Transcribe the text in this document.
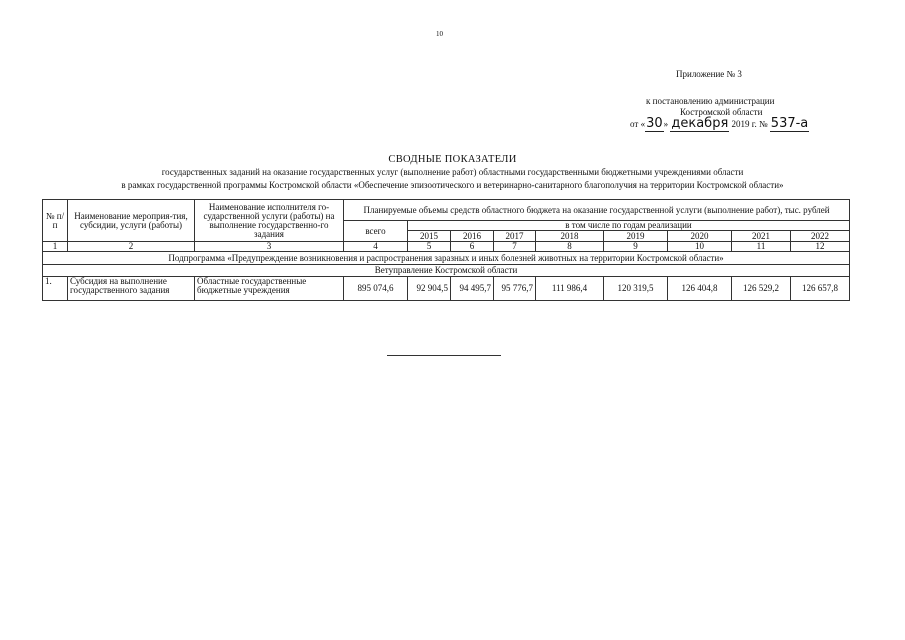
10
Приложение № 3
к постановлению администрации
Костромской области
от «30» декабря 2019 г. № 537-а
СВОДНЫЕ ПОКАЗАТЕЛИ
государственных заданий на оказание государственных услуг (выполнение работ) областными государственными бюджетными учреждениями области
в рамках государственной программы Костромской области «Обеспечение эпизоотического и ветеринарно-санитарного благополучия на территории Костромской области»
№ п/п	Наименование мероприя-тия, субсидии, услуги (работы)	Наименование исполнителя го-сударственной услуги (работы) на выполнение государственно-го задания	Планируемые объемы средств областного бюджета на оказание государственной услуги (выполнение работ), тыс. рублей								
			всего	в том числе по годам реализации							
				2015	2016	2017	2018	2019	2020	2021	2022
1	2	3	4	5	6	7	8	9	10	11	12
Подпрограмма «Предупреждение возникновения и распространения заразных и иных болезней животных на территории Костромской области»											
Ветуправление Костромской области											
1.	Субсидия на выполнение государственного задания	Областные государственные бюджетные учреждения	895 074,6	92 904,5	94 495,7	95 776,7	111 986,4	120 319,5	126 404,8	126 529,2	126 657,8
